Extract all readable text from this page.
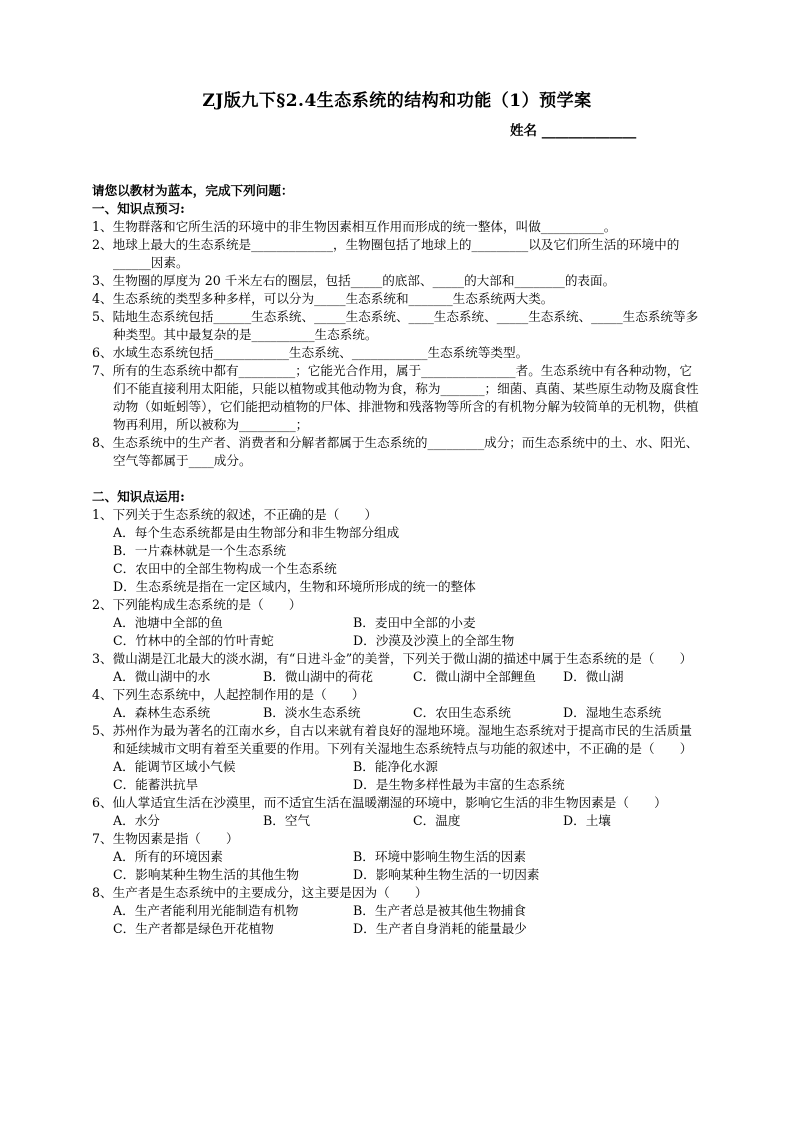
ZJ版九下§2.4生态系统的结构和功能（1）预学案
姓名 ______________
请您以教材为蓝本，完成下列问题：
一、知识点预习:
1、生物群落和它所生活的环境中的非生物因素相互作用而形成的统一整体，叫做__________。
2、地球上最大的生态系统是_____________，生物圈包括了地球上的_________以及它们所生活的环境中的______因素。
3、生物圈的厚度为 20 千米左右的圈层，包括_____的底部、_____的大部和________的表面。
4、生态系统的类型多种多样，可以分为_____生态系统和_______生态系统两大类。
5、陆地生态系统包括______生态系统、_____生态系统、____生态系统、_____生态系统、_____生态系统等多种类型。其中最复杂的是__________生态系统。
6、水域生态系统包括____________生态系统、____________生态系统等类型。
7、所有的生态系统中都有_________；它能光合作用，属于_______________者。生态系统中有各种动物，它们不能直接利用太阳能，只能以植物或其他动物为食，称为_______；细菌、真菌、某些原生动物及腐食性动物（如蚯蚓等），它们能把动植物的尸体、排泄物和残落物等所含的有机物分解为较简单的无机物，供植物再利用，所以被称为_________；
8、生态系统中的生产者、消费者和分解者都属于生态系统的_________成分；而生态系统中的土、水、阳光、空气等都属于____成分。
二、知识点运用:
1、下列关于生态系统的叙述，不正确的是（　　）
A．每个生态系统都是由生物部分和非生物部分组成
B．一片森林就是一个生态系统
C．农田中的全部生物构成一个生态系统
D．生态系统是指在一定区域内，生物和环境所形成的统一的整体
2、下列能构成生态系统的是（　　）
A．池塘中全部的鱼	B．麦田中全部的小麦
C．竹林中的全部的竹叶青蛇	D．沙漠及沙漠上的全部生物
3、微山湖是江北最大的淡水湖，有“日进斗金”的美誉，下列关于微山湖的描述中属于生态系统的是（　　）
A．微山湖中的水	B．微山湖中的荷花	C．微山湖中全部鲤鱼	D．微山湖
4、下列生态系统中，人起控制作用的是（　　）
A．森林生态系统	B．淡水生态系统	C．农田生态系统	D．湿地生态系统
5、苏州作为最为著名的江南水乡，自古以来就有着良好的湿地环境。湿地生态系统对于提高市民的生活质量和延续城市文明有着至关重要的作用。下列有关湿地生态系统特点与功能的叙述中，不正确的是（　　）
A．能调节区域小气候	B．能净化水源
C．能蓄洪抗旱	D．是生物多样性最为丰富的生态系统
6、仙人掌适宜生活在沙漠里，而不适宜生活在温暖潮湿的环境中，影响它生活的非生物因素是（　　）
A．水分	B．空气	C．温度	D．土壤
7、生物因素是指（　　）
A．所有的环境因素	B．环境中影响生物生活的因素
C．影响某种生物生活的其他生物	D．影响某种生物生活的一切因素
8、生产者是生态系统中的主要成分，这主要是因为（　　）
A．生产者能利用光能制造有机物	B．生产者总是被其他生物捕食
C．生产者都是绿色开花植物	D．生产者自身消耗的能量最少
